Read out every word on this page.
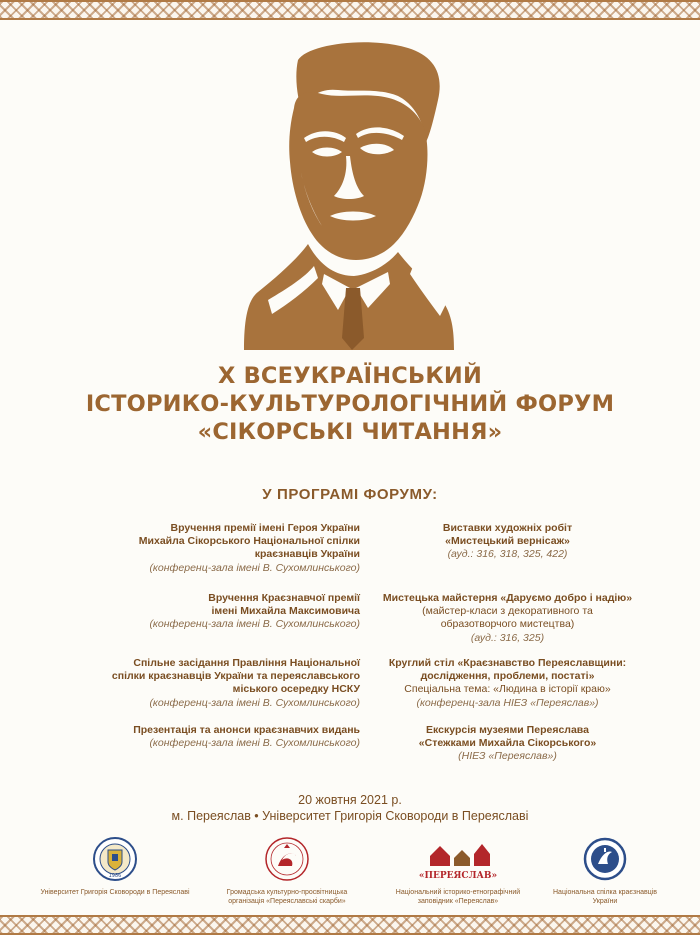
X ВСЕУКРАЇНСЬКИЙ
ІСТОРИКО-КУЛЬТУРОЛОГІЧНИЙ ФОРУМ
«СІКОРСЬКІ ЧИТАННЯ»
У ПРОГРАМІ ФОРУМУ:
Вручення премії імені Героя України
Михайла Сікорського Національної спілки
краєзнавців України
(конференц-зала імені В. Сухомлинського)
Вручення Краєзнавчої премії
імені Михайла Максимовича
(конференц-зала імені В. Сухомлинського)
Спільне засідання Правління Національної
спілки краєзнавців України та переяславського
міського осередку НСКУ
(конференц-зала імені В. Сухомлинського)
Презентація та анонси краєзнавчих видань
(конференц-зала імені В. Сухомлинського)
Виставки художніх робіт
«Мистецький вернісаж»
(ауд.: 316, 318, 325, 422)
Мистецька майстерня «Даруємо добро і надію»
(майстер-класи з декоративного та
образотворчого мистецтва)
(ауд.: 316, 325)
Круглий стіл «Краєзнавство Переяславщини:
дослідження, проблеми, постаті»
Спеціальна тема: «Людина в історії краю»
(конференц-зала НІЕЗ «Переяслав»)
Екскурсія музеями Переяслава
«Стежками Михайла Сікорського»
(НІЕЗ «Переяслав»)
20 жовтня 2021 р.
м. Переяслав • Університет Григорія Сковороди в Переяславі
1986
Університет Григорія Сковороди в Переяславі	Громадська культурно-просвітницька
організація «Переяславські скарби»
«ПЕРЕЯСЛАВ»
Національний історико-етнографічний
заповідник «Переяслав»
Національна спілка краєзнавців
України
